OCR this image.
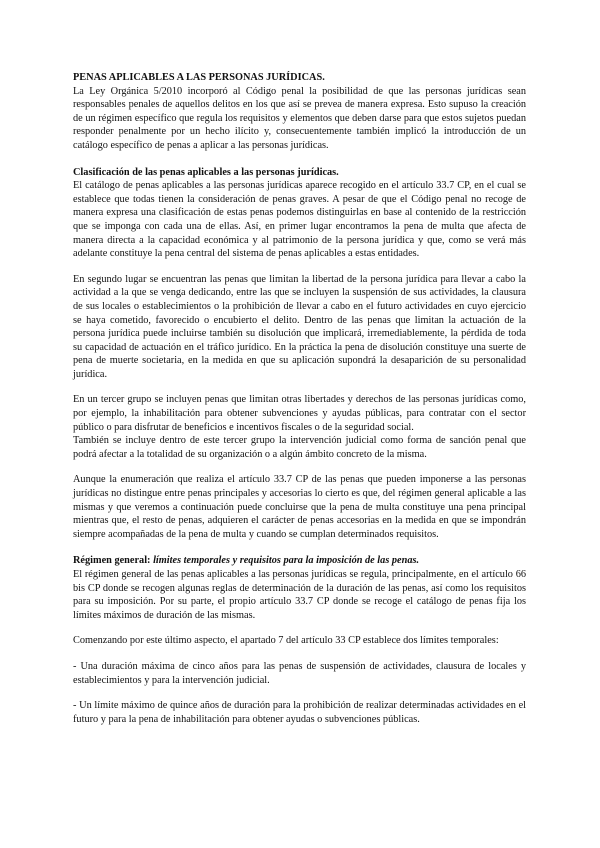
PENAS APLICABLES A LAS PERSONAS JURÍDICAS.

La Ley Orgánica 5/2010 incorporó al Código penal la posibilidad de que las personas jurídicas sean responsables penales de aquellos delitos en los que así se prevea de manera expresa. Esto supuso la creación de un régimen específico que regula los requisitos y elementos que deben darse para que estos sujetos puedan responder penalmente por un hecho ilícito y, consecuentemente también implicó la introducción de un catálogo específico de penas a aplicar a las personas jurídicas.

Clasificación de las penas aplicables a las personas jurídicas.

El catálogo de penas aplicables a las personas jurídicas aparece recogido en el artículo 33.7 CP, en el cual se establece que todas tienen la consideración de penas graves. A pesar de que el Código penal no recoge de manera expresa una clasificación de estas penas podemos distinguirlas en base al contenido de la restricción que se imponga con cada una de ellas. Así, en primer lugar encontramos la pena de multa que afecta de manera directa a la capacidad económica y al patrimonio de la persona jurídica y que, como se verá más adelante constituye la pena central del sistema de penas aplicables a estas entidades.

En segundo lugar se encuentran las penas que limitan la libertad de la persona jurídica para llevar a cabo la actividad a la que se venga dedicando, entre las que se incluyen la suspensión de sus actividades, la clausura de sus locales o establecimientos o la prohibición de llevar a cabo en el futuro actividades en cuyo ejercicio se haya cometido, favorecido o encubierto el delito. Dentro de las penas que limitan la actuación de la persona jurídica puede incluirse también su disolución que implicará, irremediablemente, la pérdida de toda su capacidad de actuación en el tráfico jurídico. En la práctica la pena de disolución constituye una suerte de pena de muerte societaria, en la medida en que su aplicación supondrá la desaparición de su personalidad jurídica.

En un tercer grupo se incluyen penas que limitan otras libertades y derechos de las personas jurídicas como, por ejemplo, la inhabilitación para obtener subvenciones y ayudas públicas, para contratar con el sector público o para disfrutar de beneficios e incentivos fiscales o de la seguridad social.

También se incluye dentro de este tercer grupo la intervención judicial como forma de sanción penal que podrá afectar a la totalidad de su organización o a algún ámbito concreto de la misma.

Aunque la enumeración que realiza el artículo 33.7 CP de las penas que pueden imponerse a las personas jurídicas no distingue entre penas principales y accesorias lo cierto es que, del régimen general aplicable a las mismas y que veremos a continuación puede concluirse que la pena de multa constituye una pena principal mientras que, el resto de penas, adquieren el carácter de penas accesorias en la medida en que se impondrán siempre acompañadas de la pena de multa y cuando se cumplan determinados requisitos.

Régimen general: límites temporales y requisitos para la imposición de las penas.

El régimen general de las penas aplicables a las personas jurídicas se regula, principalmente, en el artículo 66 bis CP donde se recogen algunas reglas de determinación de la duración de las penas, así como los requisitos para su imposición. Por su parte, el propio artículo 33.7 CP donde se recoge el catálogo de penas fija los límites máximos de duración de las mismas.

Comenzando por este último aspecto, el apartado 7 del artículo 33 CP establece dos límites temporales:

- Una duración máxima de cinco años para las penas de suspensión de actividades, clausura de locales y establecimientos y para la intervención judicial.

- Un límite máximo de quince años de duración para la prohibición de realizar determinadas actividades en el futuro y para la pena de inhabilitación para obtener ayudas o subvenciones públicas.
